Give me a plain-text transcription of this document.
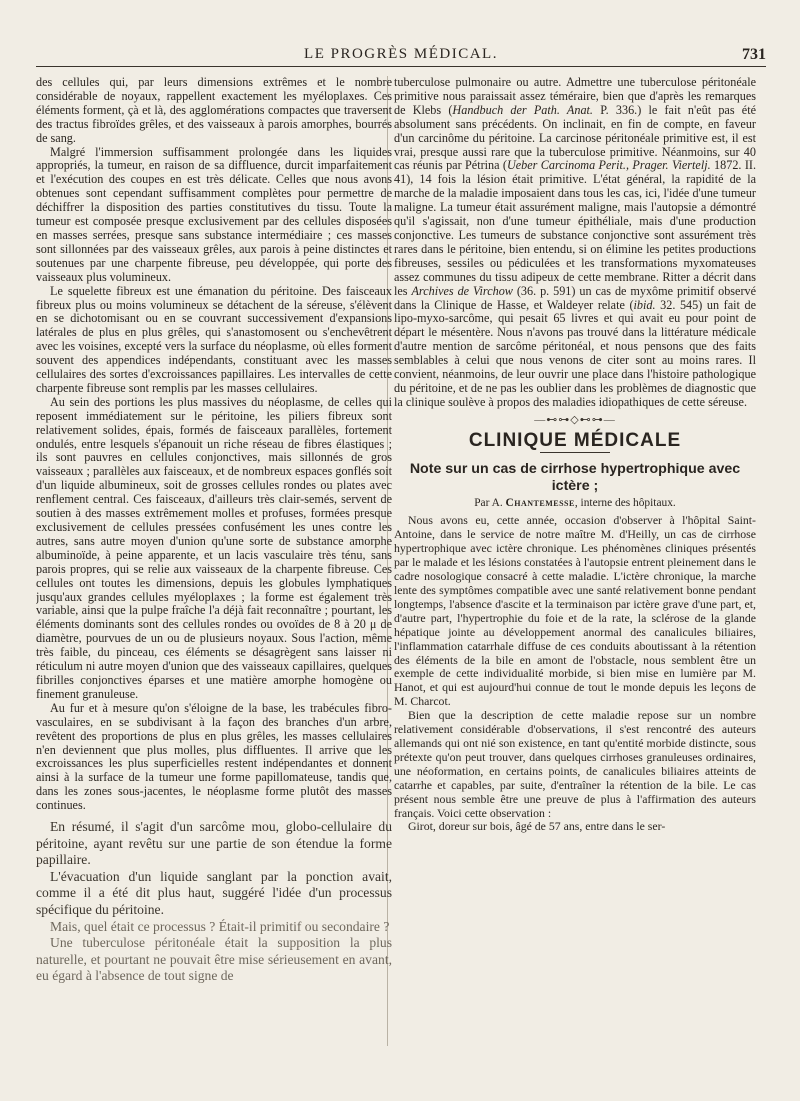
LE PROGRÈS MÉDICAL.	731

des cellules qui, par leurs dimensions extrêmes et le nombre considérable de noyaux, rappellent exactement les myéloplaxes. Ces éléments forment, çà et là, des agglomérations compactes que traversent des tractus fibroïdes grêles, et des vaisseaux à parois amorphes, bourrés de sang.

Malgré l'immersion suffisamment prolongée dans les liquides appropriés, la tumeur, en raison de sa diffluence, durcit imparfaitement et l'exécution des coupes en est très délicate. Celles que nous avons obtenues sont cependant suffisamment complètes pour permettre de déchiffrer la disposition des parties constitutives du tissu. Toute la tumeur est composée presque exclusivement par des cellules disposées en masses serrées, presque sans substance intermédiaire ; ces masses sont sillonnées par des vaisseaux grêles, aux parois à peine distinctes et soutenues par une charpente fibreuse, peu développée, qui porte des vaisseaux plus volumineux.

Le squelette fibreux est une émanation du péritoine. Des faisceaux fibreux plus ou moins volumineux se détachent de la séreuse, s'élèvent en se dichotomisant ou en se couvrant successivement d'expansions latérales de plus en plus grêles, qui s'anastomosent ou s'enchevêtrent avec les voisines, excepté vers la surface du néoplasme, où elles forment souvent des appendices indépendants, constituant avec les masses cellulaires des sortes d'excroissances papillaires. Les intervalles de cette charpente fibreuse sont remplis par les masses cellulaires.

Au sein des portions les plus massives du néoplasme, de celles qui reposent immédiatement sur le péritoine, les piliers fibreux sont relativement solides, épais, formés de faisceaux parallèles, fortement ondulés, entre lesquels s'épanouit un riche réseau de fibres élastiques ; ils sont pauvres en cellules conjonctives, mais sillonnés de gros vaisseaux ; parallèles aux faisceaux, et de nombreux espaces gonflés soit d'un liquide albumineux, soit de grosses cellules rondes ou plates avec renflement central. Ces faisceaux, d'ailleurs très clair-semés, servent de soutien à des masses extrêmement molles et profuses, formées presque exclusivement de cellules pressées confusément les unes contre les autres, sans autre moyen d'union qu'une sorte de substance amorphe albuminoïde, à peine apparente, et un lacis vasculaire très ténu, sans parois propres, qui se relie aux vaisseaux de la charpente fibreuse. Ces cellules ont toutes les dimensions, depuis les globules lymphatiques jusqu'aux grandes cellules myéloplaxes ; la forme est également très variable, ainsi que la pulpe fraîche l'a déjà fait reconnaître ; pourtant, les éléments dominants sont des cellules rondes ou ovoïdes de 8 à 20 μ de diamètre, pourvues de un ou de plusieurs noyaux. Sous l'action, même très faible, du pinceau, ces éléments se désagrègent sans laisser ni réticulum ni autre moyen d'union que des vaisseaux capillaires, quelques fibrilles conjonctives éparses et une matière amorphe homogène ou finement granuleuse.

Au fur et à mesure qu'on s'éloigne de la base, les trabécules fibro-vasculaires, en se subdivisant à la façon des branches d'un arbre, revêtent des proportions de plus en plus grêles, les masses cellulaires n'en deviennent que plus molles, plus diffluentes. Il arrive que les excroissances les plus superficielles restent indépendantes et donnent ainsi à la surface de la tumeur une forme papillomateuse, tandis que, dans les zones sous-jacentes, le néoplasme forme plutôt des masses continues.

En résumé, il s'agit d'un sarcôme mou, globo-cellulaire du péritoine, ayant revêtu sur une partie de son étendue la forme papillaire.

L'évacuation d'un liquide sanglant par la ponction avait, comme il a été dit plus haut, suggéré l'idée d'un processus spécifique du péritoine.

Mais, quel était ce processus ? Était-il primitif ou secondaire ?

Une tuberculose péritonéale était la supposition la plus naturelle, et pourtant ne pouvait être mise sérieusement en avant, eu égard à l'absence de tout signe de

tuberculose pulmonaire ou autre. Admettre une tuberculose péritonéale primitive nous paraissait assez téméraire, bien que d'après les remarques de Klebs (Handbuch der Path. Anat. P. 336.) le fait n'eût pas été absolument sans précédents. On inclinait, en fin de compte, en faveur d'un carcinôme du péritoine. La carcinose péritonéale primitive est, il est vrai, presque aussi rare que la tuberculose primitive. Néanmoins, sur 40 cas réunis par Pétrina (Ueber Carcinoma Perit., Prager. Viertelj. 1872. II. 41), 14 fois la lésion était primitive. L'état général, la rapidité de la marche de la maladie imposaient dans tous les cas, ici, l'idée d'une tumeur maligne. La tumeur était assurément maligne, mais l'autopsie a démontré qu'il s'agissait, non d'une tumeur épithéliale, mais d'une production conjonctive. Les tumeurs de substance conjonctive sont assurément très rares dans le péritoine, bien entendu, si on élimine les petites productions fibreuses, sessiles ou pédiculées et les transformations myxomateuses assez communes du tissu adipeux de cette membrane. Ritter a décrit dans les Archives de Virchow (36. p. 591) un cas de myxôme primitif observé dans la Clinique de Hasse, et Waldeyer relate (ibid. 32. 545) un fait de lipo-myxo-sarcôme, qui pesait 65 livres et qui avait eu pour point de départ le mésentère. Nous n'avons pas trouvé dans la littérature médicale d'autre mention de sarcôme péritonéal, et nous pensons que des faits semblables à celui que nous venons de citer sont au moins rares. Il convient, néanmoins, de leur ouvrir une place dans l'histoire pathologique du péritoine, et de ne pas les oublier dans les problèmes de diagnostic que la clinique soulève à propos des maladies idiopathiques de cette séreuse.

—⊷⊶◇⊷⊶—
CLINIQUE MÉDICALE
Note sur un cas de cirrhose hypertrophique avec ictère ;
Par A. Chantemesse, interne des hôpitaux.

Nous avons eu, cette année, occasion d'observer à l'hôpital Saint-Antoine, dans le service de notre maître M. d'Heilly, un cas de cirrhose hypertrophique avec ictère chronique. Les phénomènes cliniques présentés par le malade et les lésions constatées à l'autopsie entrent pleinement dans le cadre nosologique consacré à cette maladie. L'ictère chronique, la marche lente des symptômes compatible avec une santé relativement bonne pendant longtemps, l'absence d'ascite et la terminaison par ictère grave d'une part, et, d'autre part, l'hypertrophie du foie et de la rate, la sclérose de la glande hépatique jointe au développement anormal des canalicules biliaires, l'inflammation catarrhale diffuse de ces conduits aboutissant à la rétention des éléments de la bile en amont de l'obstacle, nous semblent être un exemple de cette individualité morbide, si bien mise en lumière par M. Hanot, et qui est aujourd'hui connue de tout le monde depuis les leçons de M. Charcot.

Bien que la description de cette maladie repose sur un nombre relativement considérable d'observations, il s'est rencontré des auteurs allemands qui ont nié son existence, en tant qu'entité morbide distincte, sous prétexte qu'on peut trouver, dans quelques cirrhoses granuleuses ordinaires, une néoformation, en certains points, de canalicules biliaires atteints de catarrhe et capables, par suite, d'entraîner la rétention de la bile. Le cas présent nous semble être une preuve de plus à l'affirmation des auteurs français. Voici cette observation :

Girot, doreur sur bois, âgé de 57 ans, entre dans le ser-
